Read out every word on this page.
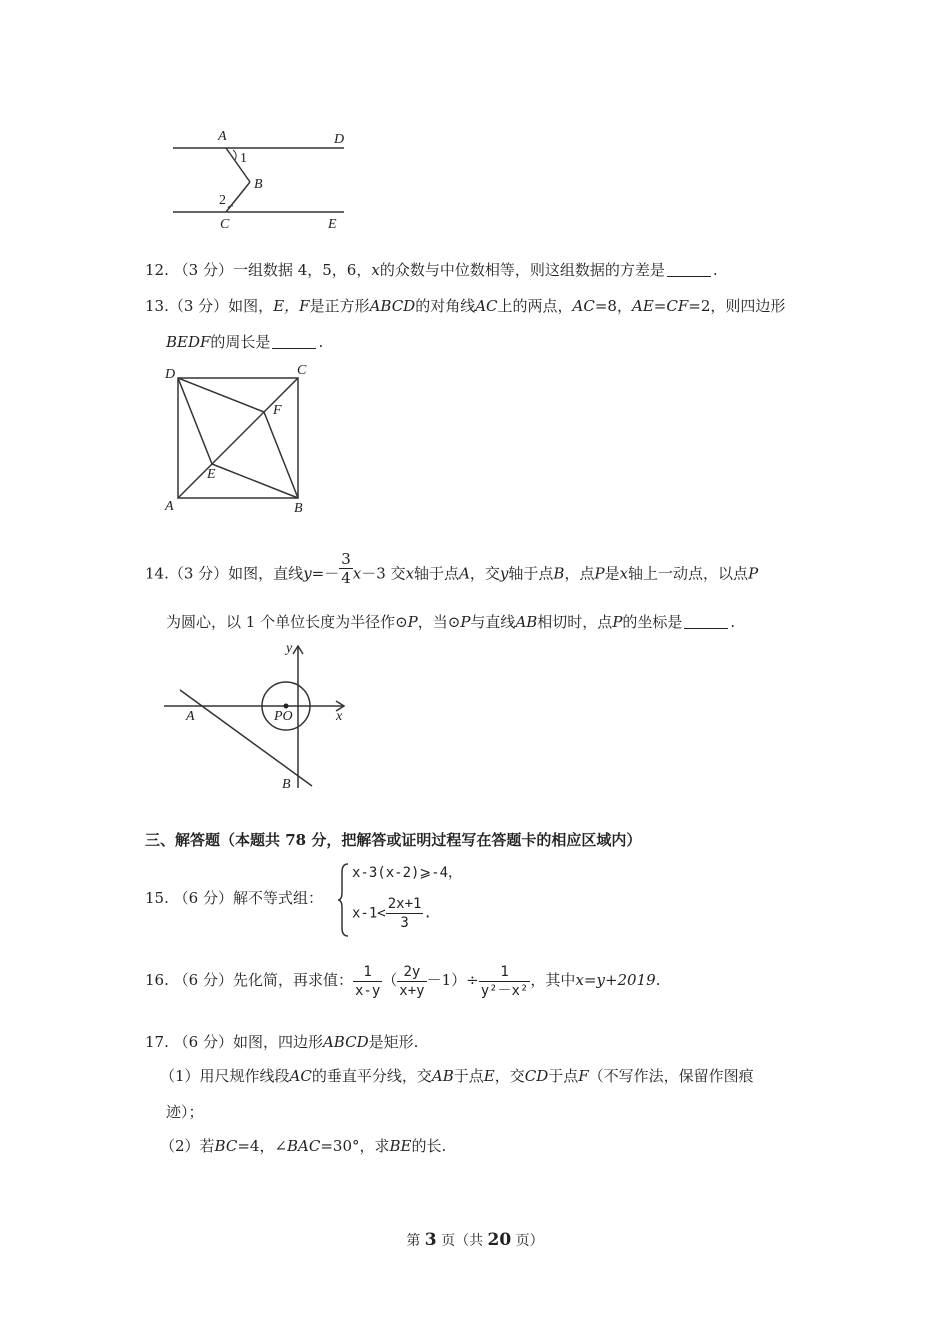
A	D
1
B
2
C	E
12. （3 分）一组数据 4，5，6，x的众数与中位数相等，则这组数据的方差是	.
13.（3 分）如图，E，F是正方形ABCD的对角线AC上的两点，AC=8，AE=CF=2，则四边形
BEDF的周长是	.
D	C
F
E
A	B
14.（3 分）如图，直线$y=- \frac{3}{4} x-3$ 交x轴于点A，交y轴于点B，点P是x轴上一动点，以点P
为圆心，以 1 个单位长度为半径作⊙P，当⊙P与直线AB相切时，点P的坐标是	.
y
A	PO	x
B
三、解答题（本题共 78 分，把解答或证明过程写在答题卡的相应区域内）
15. （6 分）解不等式组：
x-3(x-2)⩾-4，
$x-1< \frac{2x+1}{3}$ .
16. （6 分）先化简，再求值： $\frac{1}{x-y}$ （ $\frac{2y}{x+y} -1)\div \frac{1}{\text{y²－x²}}$ ，其中x=y+2019.
17. （6 分）如图，四边形ABCD是矩形.
（1）用尺规作线段AC的垂直平分线，交AB于点E，交CD于点F（不写作法，保留作图痕
迹）；
（2）若BC=4，∠BAC=30°，求BE的长.
第 3 页（共 20 页）
